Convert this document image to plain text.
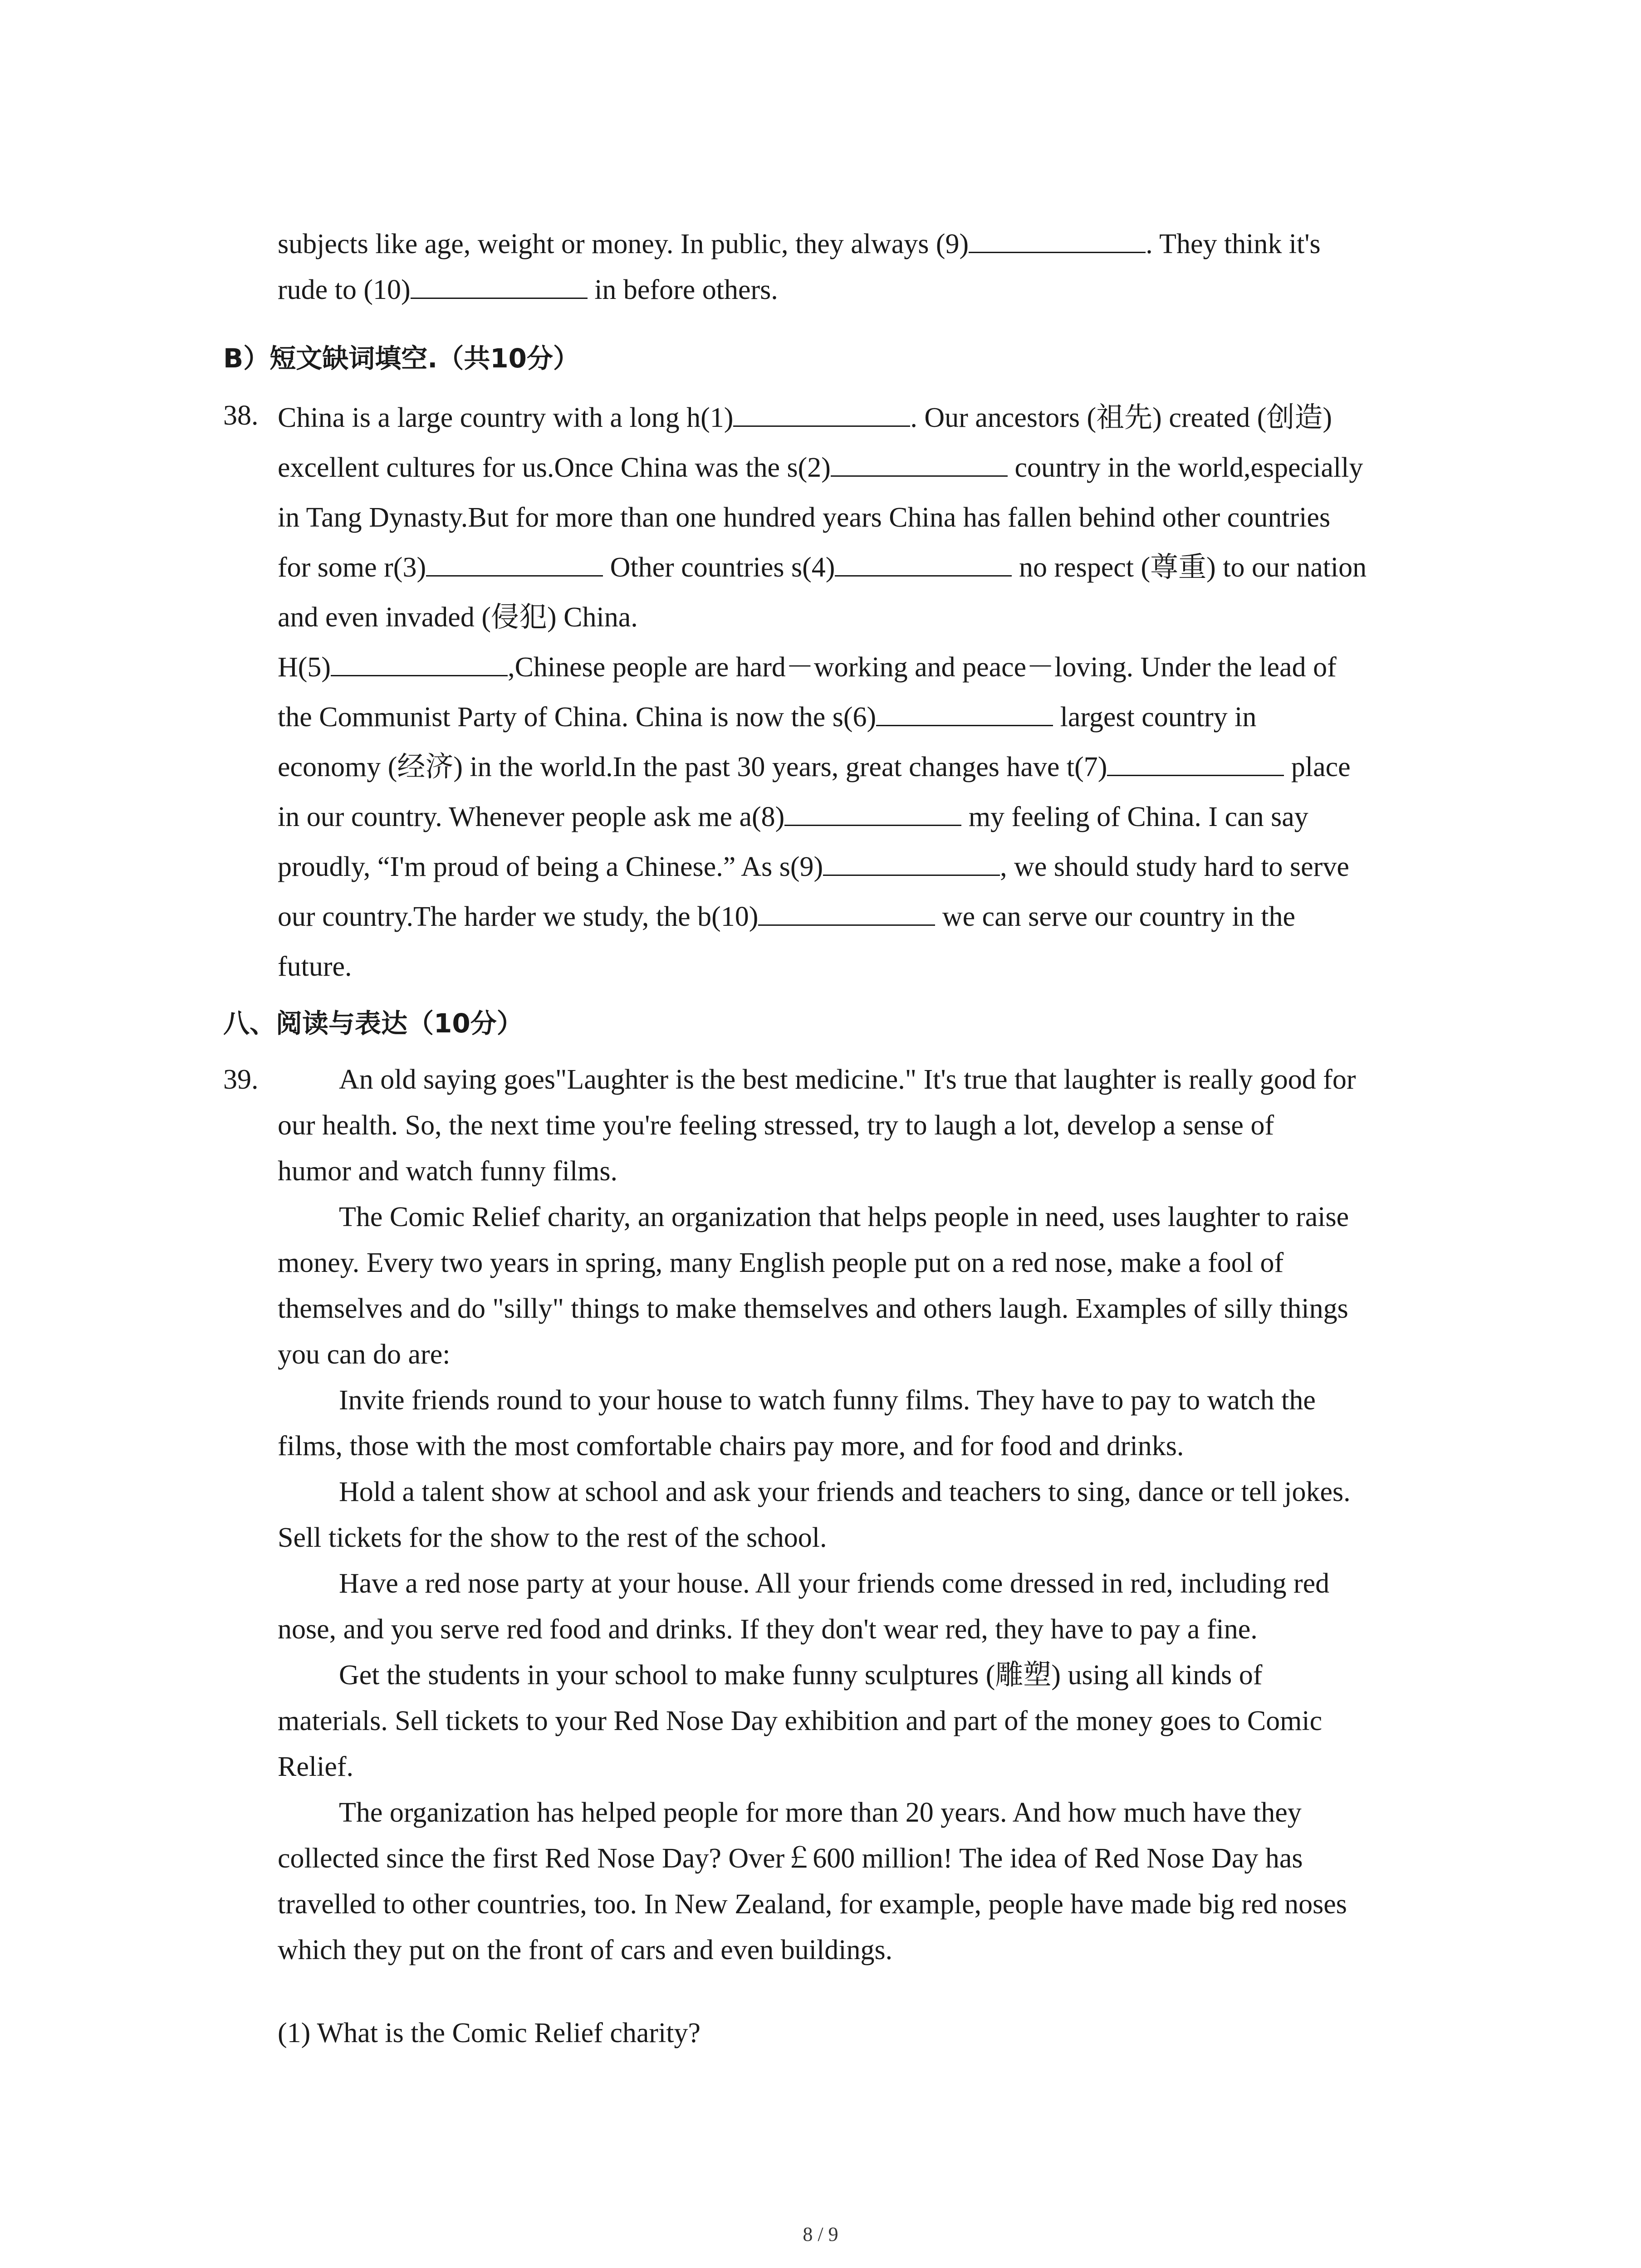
subjects like age, weight or money. In public, they always (9)	. They think it's
rude to (10)	in before others.
B）短文缺词填空.（共10分）
38. China is a large country with a long h(1)	. Our ancestors (祖先) created (创造)
excellent cultures for us.Once China was the s(2)	country in the world,especially
in Tang Dynasty.But for more than one hundred years China has fallen behind other countries
for some r(3)	Other countries s(4)	no respect (尊重) to our nation
and even invaded (侵犯) China.
H(5)	,Chinese people are hard－working and peace－loving. Under the lead of
the Communist Party of China. China is now the s(6)	largest country in
economy (经济) in the world.In the past 30 years, great changes have t(7)	place
in our country. Whenever people ask me a(8)	my feeling of China. I can say
proudly, “I'm proud of being a Chinese.” As s(9)	, we should study hard to serve
our country.The harder we study, the b(10)	we can serve our country in the
future.
八、阅读与表达（10分）
39.	An old saying goes"Laughter is the best medicine." It's true that laughter is really good for
our health. So, the next time you're feeling stressed, try to laugh a lot, develop a sense of
humor and watch funny films.
The Comic Relief charity, an organization that helps people in need, uses laughter to raise
money. Every two years in spring, many English people put on a red nose, make a fool of
themselves and do "silly" things to make themselves and others laugh. Examples of silly things
you can do are:
Invite friends round to your house to watch funny films. They have to pay to watch the
films, those with the most comfortable chairs pay more, and for food and drinks.
Hold a talent show at school and ask your friends and teachers to sing, dance or tell jokes.
Sell tickets for the show to the rest of the school.
Have a red nose party at your house. All your friends come dressed in red, including red
nose, and you serve red food and drinks. If they don't wear red, they have to pay a fine.
Get the students in your school to make funny sculptures (雕塑) using all kinds of
materials. Sell tickets to your Red Nose Day exhibition and part of the money goes to Comic
Relief.
The organization has helped people for more than 20 years. And how much have they
collected since the first Red Nose Day? Over￡600 million! The idea of Red Nose Day has
travelled to other countries, too. In New Zealand, for example, people have made big red noses
which they put on the front of cars and even buildings.
(1) What is the Comic Relief charity?
8 / 9
